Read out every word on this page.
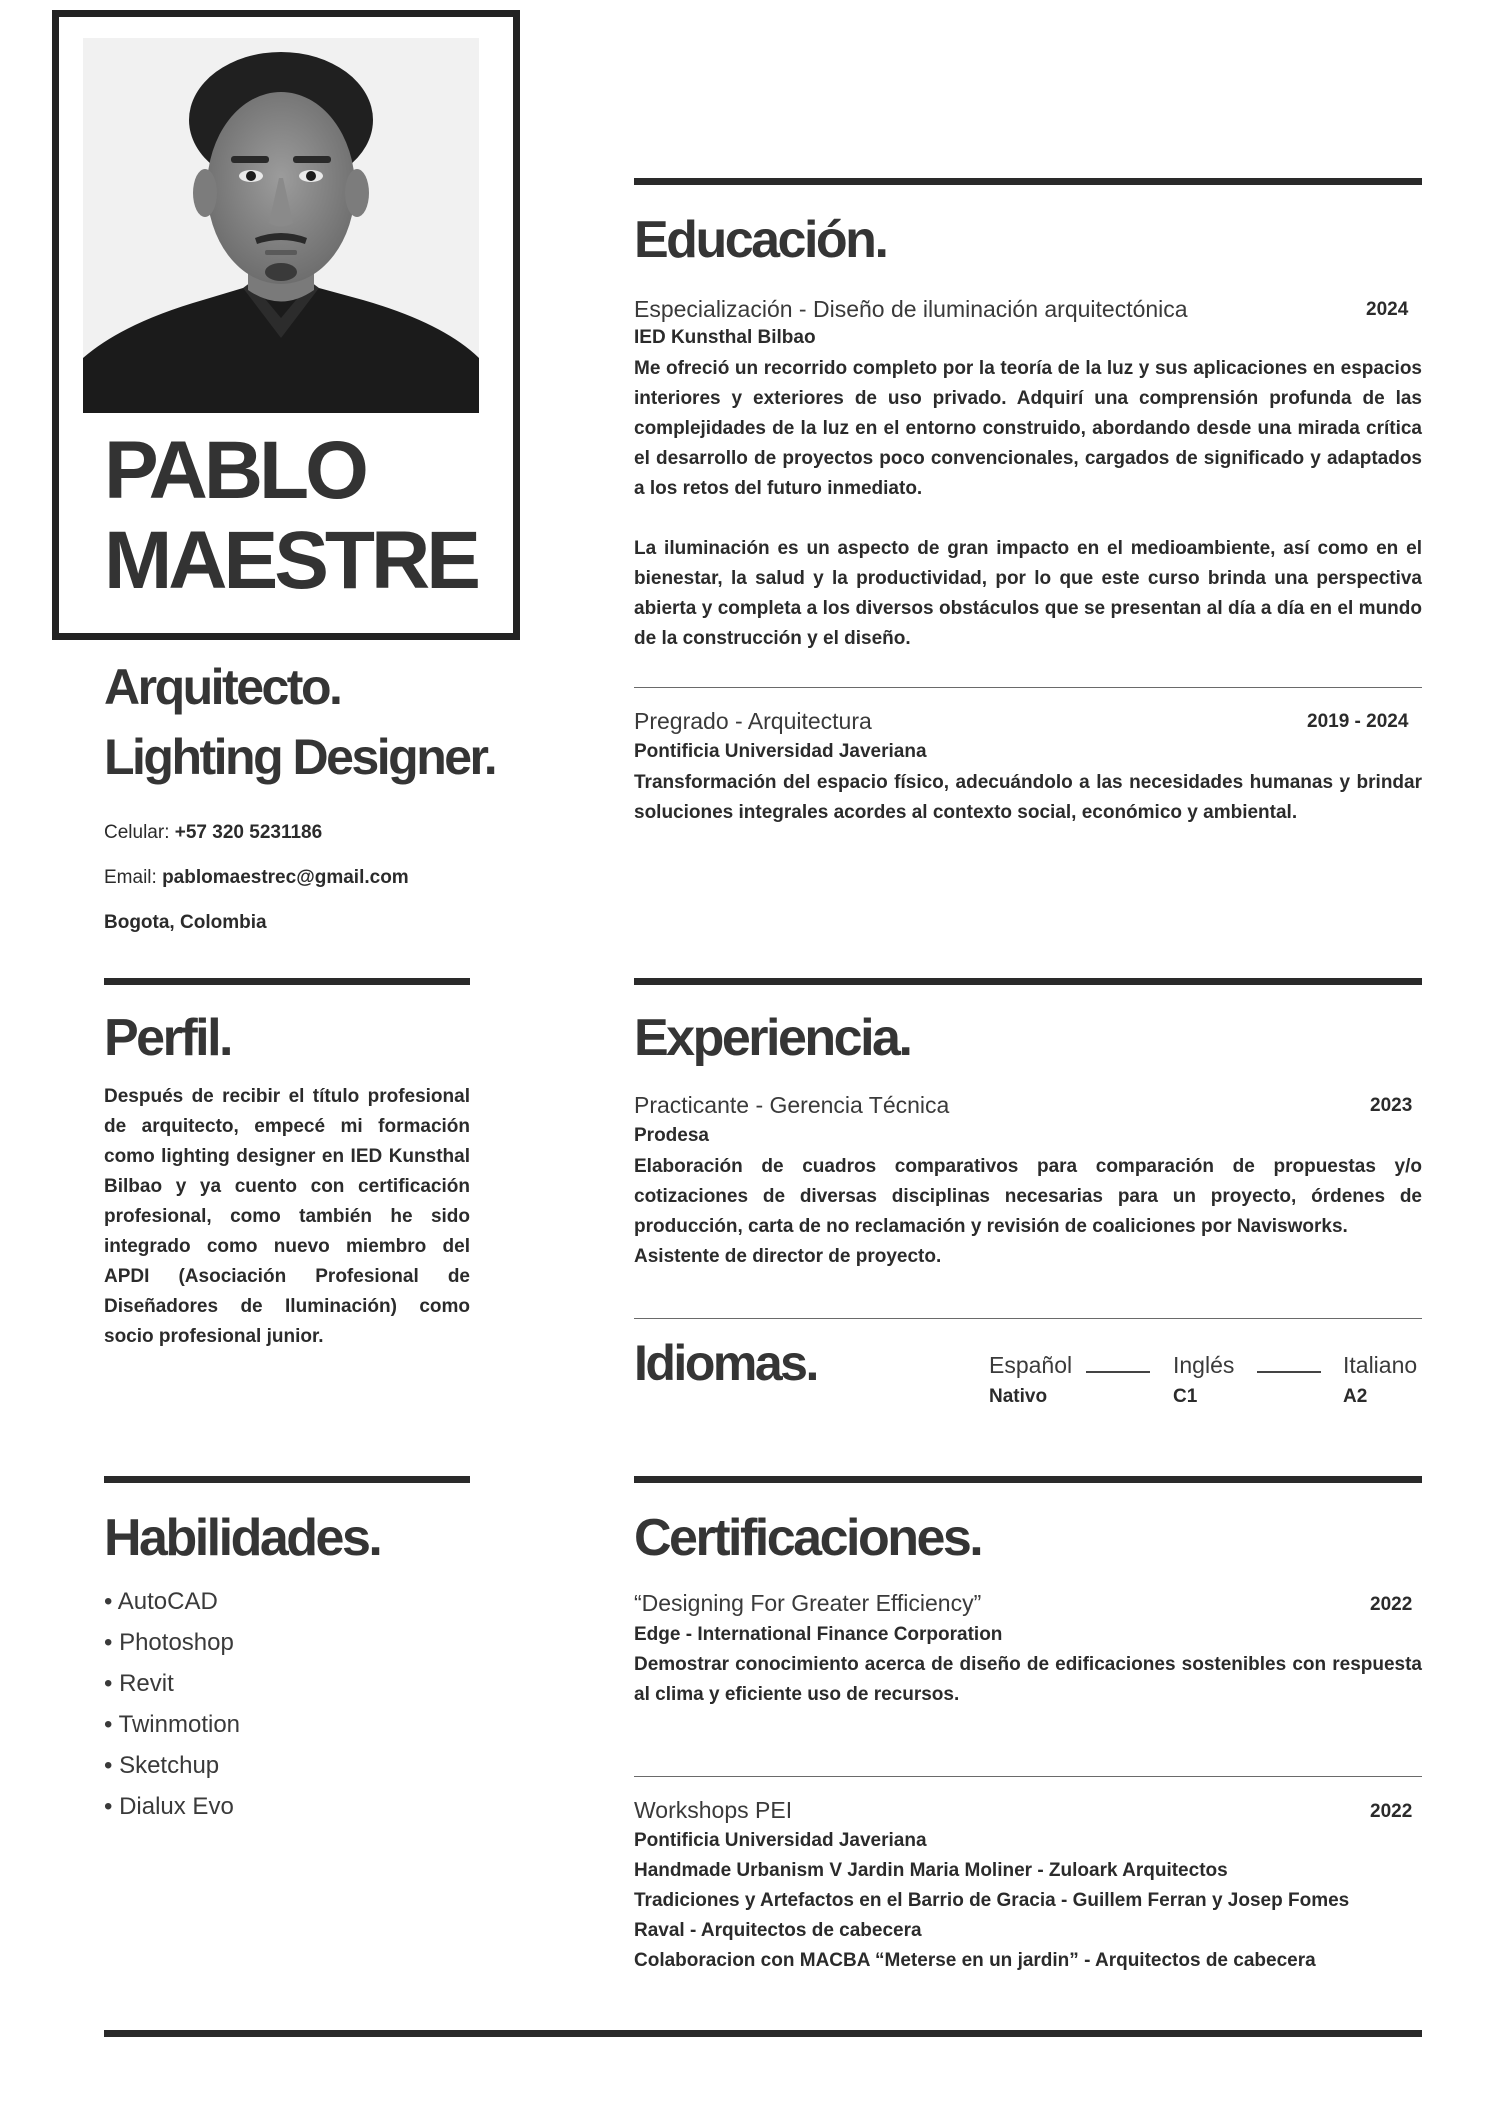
PABLO
MAESTRE
Arquitecto.
Lighting Designer.
Celular: +57 320 5231186
Email: pablomaestrec@gmail.com
Bogota, Colombia
Perfil.

Después de recibir el título profesional de arquitecto, empecé mi formación como lighting designer en IED Kunsthal Bilbao y ya cuento con certificación profesional, como también he sido integrado como nuevo miembro del APDI (Asociación Profesional de Diseñadores de Iluminación) como socio profesional junior.

Habilidades.
• AutoCAD
• Photoshop
• Revit
• Twinmotion
• Sketchup
• Dialux Evo
Educación.
Especialización - Diseño de iluminación arquitectónica	2024
IED Kunsthal Bilbao

Me ofreció un recorrido completo por la teoría de la luz y sus aplicaciones en espacios interiores y exteriores de uso privado. Adquirí una comprensión profunda de las complejidades de la luz en el entorno construido, abordando desde una mirada crítica el desarrollo de proyectos poco convencionales, cargados de significado y adaptados a los retos del futuro inmediato.

La iluminación es un aspecto de gran impacto en el medioambiente, así como en el bienestar, la salud y la productividad, por lo que este curso brinda una perspectiva abierta y completa a los diversos obstáculos que se presentan al día a día en el mundo de la construcción y el diseño.

Pregrado - Arquitectura	2019 - 2024
Pontificia Universidad Javeriana

Transformación del espacio físico, adecuándolo a las necesidades humanas y brindar soluciones integrales acordes al contexto social, económico y ambiental.

Experiencia.
Practicante - Gerencia Técnica	2023
Prodesa

Elaboración de cuadros comparativos para comparación de propuestas y/o cotizaciones de diversas disciplinas necesarias para un proyecto, órdenes de producción, carta de no reclamación y revisión de coaliciones por Navisworks.

Asistente de director de proyecto.

Idiomas.	Español
Nativo
Inglés
C1
Italiano
A2
Certificaciones.
“Designing For Greater Efficiency”	2022
Edge - International Finance Corporation

Demostrar conocimiento acerca de diseño de edificaciones sostenibles con respuesta al clima y eficiente uso de recursos.

Workshops PEI	2022
Pontificia Universidad Javeriana
Handmade Urbanism V Jardin Maria Moliner - Zuloark Arquitectos
Tradiciones y Artefactos en el Barrio de Gracia - Guillem Ferran y Josep Fomes
Raval - Arquitectos de cabecera
Colaboracion con MACBA “Meterse en un jardin” - Arquitectos de cabecera
